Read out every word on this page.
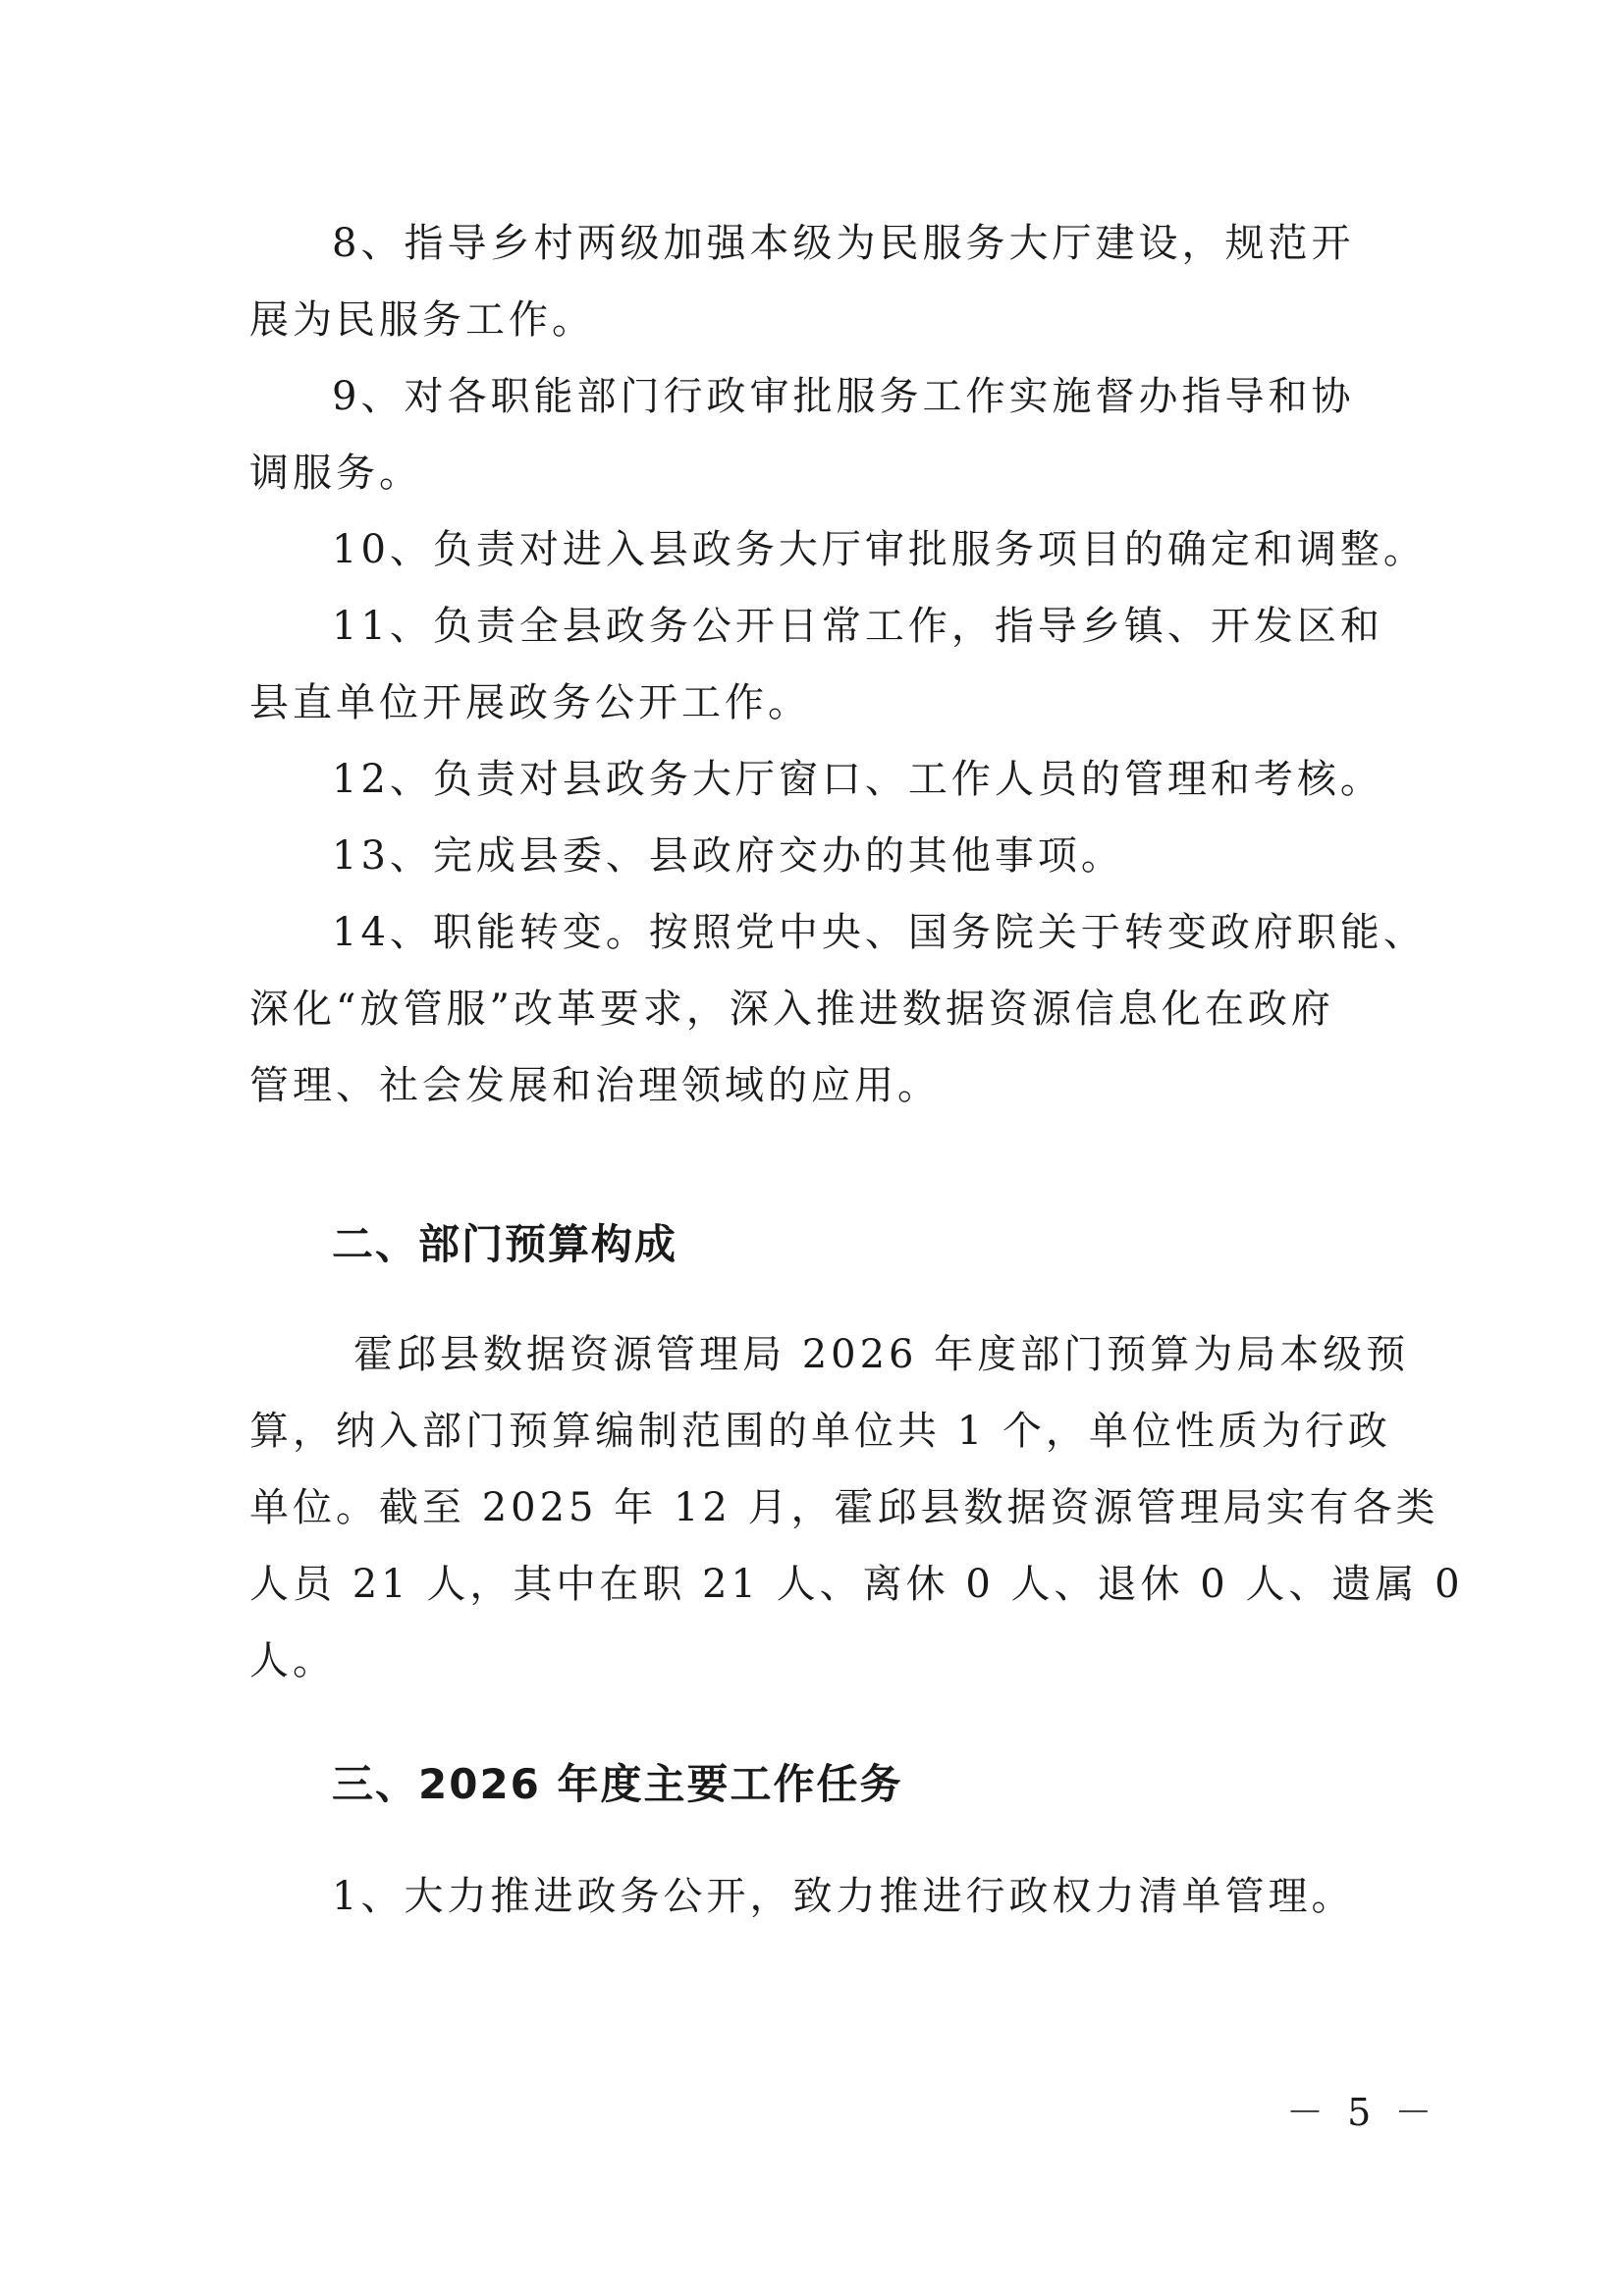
8、指导乡村两级加强本级为民服务大厅建设，规范开
展为民服务工作。
9、对各职能部门行政审批服务工作实施督办指导和协
调服务。
10、负责对进入县政务大厅审批服务项目的确定和调整。
11、负责全县政务公开日常工作，指导乡镇、开发区和
县直单位开展政务公开工作。
12、负责对县政务大厅窗口、工作人员的管理和考核。
13、完成县委、县政府交办的其他事项。
14、职能转变。按照党中央、国务院关于转变政府职能、
深化“放管服”改革要求，深入推进数据资源信息化在政府
管理、社会发展和治理领域的应用。
二、部门预算构成
霍邱县数据资源管理局 2026 年度部门预算为局本级预
算，纳入部门预算编制范围的单位共 1 个，单位性质为行政
单位。截至 2025 年 12 月，霍邱县数据资源管理局实有各类
人员 21 人，其中在职 21 人、离休 0 人、退休 0 人、遗属 0
人。
三、2026 年度主要工作任务
1、大力推进政务公开，致力推进行政权力清单管理。
－ 5 －
